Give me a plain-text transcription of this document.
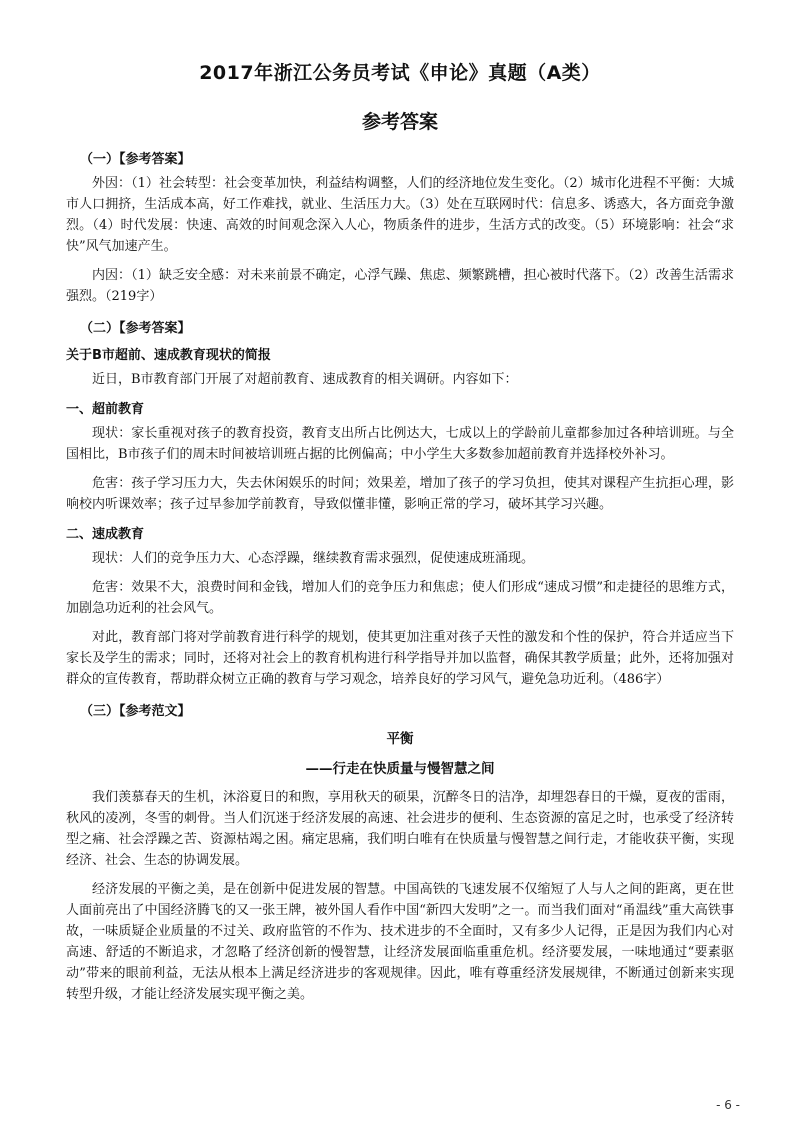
2017年浙江公务员考试《申论》真题（A类）
参考答案
（一）【参考答案】

外因：（1）社会转型：社会变革加快，利益结构调整，人们的经济地位发生变化。（2）城市化进程不平衡：大城市人口拥挤，生活成本高，好工作难找，就业、生活压力大。（3）处在互联网时代：信息多、诱惑大，各方面竞争激烈。（4）时代发展：快速、高效的时间观念深入人心，物质条件的进步，生活方式的改变。（5）环境影响：社会“求快”风气加速产生。

内因：（1）缺乏安全感：对未来前景不确定，心浮气躁、焦虑、频繁跳槽，担心被时代落下。（2）改善生活需求强烈。（219字）

（二）【参考答案】
关于B市超前、速成教育现状的简报

近日，B市教育部门开展了对超前教育、速成教育的相关调研。内容如下：

一、超前教育

现状：家长重视对孩子的教育投资，教育支出所占比例达大，七成以上的学龄前儿童都参加过各种培训班。与全国相比，B市孩子们的周末时间被培训班占据的比例偏高；中小学生大多数参加超前教育并选择校外补习。

危害：孩子学习压力大，失去休闲娱乐的时间；效果差，增加了孩子的学习负担，使其对课程产生抗拒心理，影响校内听课效率；孩子过早参加学前教育，导致似懂非懂，影响正常的学习，破坏其学习兴趣。

二、速成教育

现状：人们的竞争压力大、心态浮躁，继续教育需求强烈，促使速成班涌现。

危害：效果不大，浪费时间和金钱，增加人们的竞争压力和焦虑；使人们形成“速成习惯”和走捷径的思维方式，加剧急功近利的社会风气。

对此，教育部门将对学前教育进行科学的规划，使其更加注重对孩子天性的激发和个性的保护，符合并适应当下家长及学生的需求；同时，还将对社会上的教育机构进行科学指导并加以监督，确保其教学质量；此外，还将加强对群众的宣传教育，帮助群众树立正确的教育与学习观念，培养良好的学习风气，避免急功近利。（486字）

（三）【参考范文】
平衡
——行走在快质量与慢智慧之间

我们羡慕春天的生机，沐浴夏日的和煦，享用秋天的硕果，沉醉冬日的洁净，却埋怨春日的干燥，夏夜的雷雨，秋风的凌冽，冬雪的刺骨。当人们沉迷于经济发展的高速、社会进步的便利、生态资源的富足之时，也承受了经济转型之痛、社会浮躁之苦、资源枯竭之困。痛定思痛，我们明白唯有在快质量与慢智慧之间行走，才能收获平衡，实现经济、社会、生态的协调发展。

经济发展的平衡之美，是在创新中促进发展的智慧。中国高铁的飞速发展不仅缩短了人与人之间的距离，更在世人面前亮出了中国经济腾飞的又一张王牌，被外国人看作中国“新四大发明”之一。而当我们面对“甬温线”重大高铁事故，一味质疑企业质量的不过关、政府监管的不作为、技术进步的不全面时，又有多少人记得，正是因为我们内心对高速、舒适的不断追求，才忽略了经济创新的慢智慧，让经济发展面临重重危机。经济要发展，一味地通过“要素驱动”带来的眼前利益，无法从根本上满足经济进步的客观规律。因此，唯有尊重经济发展规律，不断通过创新来实现转型升级，才能让经济发展实现平衡之美。

- 6 -
